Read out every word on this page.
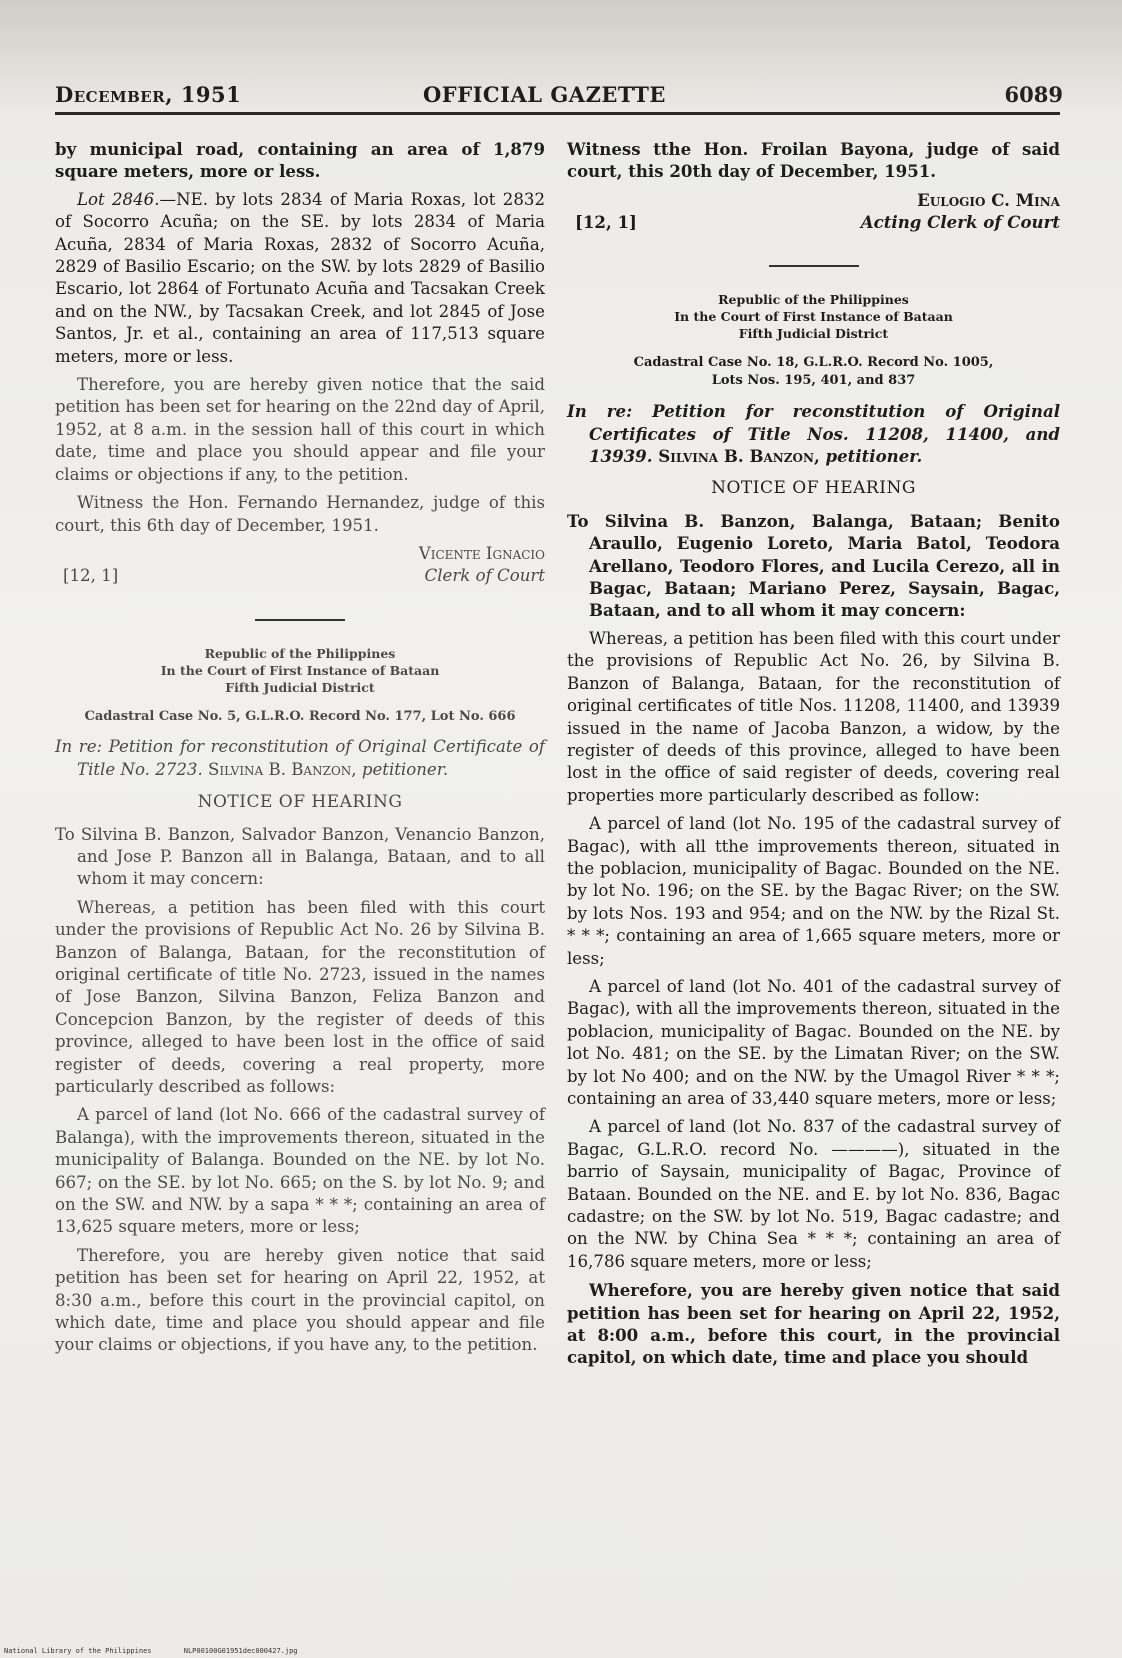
December, 1951	OFFICIAL GAZETTE	6089

by municipal road, containing an area of 1,879 square meters, more or less.

Lot 2846.—NE. by lots 2834 of Maria Roxas, lot 2832 of Socorro Acuña; on the SE. by lots 2834 of Maria Acuña, 2834 of Maria Roxas, 2832 of Socorro Acuña, 2829 of Basilio Escario; on the SW. by lots 2829 of Basilio Escario, lot 2864 of Fortunato Acuña and Tacsakan Creek and on the NW., by Tacsakan Creek, and lot 2845 of Jose Santos, Jr. et al., containing an area of 117,513 square meters, more or less.

Therefore, you are hereby given notice that the said petition has been set for hearing on the 22nd day of April, 1952, at 8 a.m. in the session hall of this court in which date, time and place you should appear and file your claims or objections if any, to the petition.

Witness the Hon. Fernando Hernandez, judge of this court, this 6th day of December, 1951.

Vicente Ignacio

[12, 1]	Clerk of Court

Republic of the Philippines

In the Court of First Instance of Bataan

Fifth Judicial District

Cadastral Case No. 5, G.L.R.O. Record No. 177, Lot No. 666

In re: Petition for reconstitution of Original Certificate of Title No. 2723. Silvina B. Banzon, petitioner.

NOTICE OF HEARING

To Silvina B. Banzon, Salvador Banzon, Venancio Banzon, and Jose P. Banzon all in Balanga, Bataan, and to all whom it may concern:

Whereas, a petition has been filed with this court under the provisions of Republic Act No. 26 by Silvina B. Banzon of Balanga, Bataan, for the reconstitution of original certificate of title No. 2723, issued in the names of Jose Banzon, Silvina Banzon, Feliza Banzon and Concepcion Banzon, by the register of deeds of this province, alleged to have been lost in the office of said register of deeds, covering a real property, more particularly described as follows:

A parcel of land (lot No. 666 of the cadastral survey of Balanga), with the improvements thereon, situated in the municipality of Balanga. Bounded on the NE. by lot No. 667; on the SE. by lot No. 665; on the S. by lot No. 9; and on the SW. and NW. by a sapa * * *; containing an area of 13,625 square meters, more or less;

Therefore, you are hereby given notice that said petition has been set for hearing on April 22, 1952, at 8:30 a.m., before this court in the provincial capitol, on which date, time and place you should appear and file your claims or objections, if you have any, to the petition.

Witness tthe Hon. Froilan Bayona, judge of said court, this 20th day of December, 1951.

Eulogio C. Mina

[12, 1]	Acting Clerk of Court

Republic of the Philippines

In the Court of First Instance of Bataan

Fifth Judicial District

Cadastral Case No. 18, G.L.R.O. Record No. 1005,
Lots Nos. 195, 401, and 837

In re: Petition for reconstitution of Original Certificates of Title Nos. 11208, 11400, and 13939. Silvina B. Banzon, petitioner.

NOTICE OF HEARING

To Silvina B. Banzon, Balanga, Bataan; Benito Araullo, Eugenio Loreto, Maria Batol, Teodora Arellano, Teodoro Flores, and Lucila Cerezo, all in Bagac, Bataan; Mariano Perez, Saysain, Bagac, Bataan, and to all whom it may concern:

Whereas, a petition has been filed with this court under the provisions of Republic Act No. 26, by Silvina B. Banzon of Balanga, Bataan, for the reconstitution of original certificates of title Nos. 11208, 11400, and 13939 issued in the name of Jacoba Banzon, a widow, by the register of deeds of this province, alleged to have been lost in the office of said register of deeds, covering real properties more particularly described as follow:

A parcel of land (lot No. 195 of the cadastral survey of Bagac), with all tthe improvements thereon, situated in the poblacion, municipality of Bagac. Bounded on the NE. by lot No. 196; on the SE. by the Bagac River; on the SW. by lots Nos. 193 and 954; and on the NW. by the Rizal St. * * *; containing an area of 1,665 square meters, more or less;

A parcel of land (lot No. 401 of the cadastral survey of Bagac), with all the improvements thereon, situated in the poblacion, municipality of Bagac. Bounded on the NE. by lot No. 481; on the SE. by the Limatan River; on the SW. by lot No 400; and on the NW. by the Umagol River * * *; containing an area of 33,440 square meters, more or less;

A parcel of land (lot No. 837 of the cadastral survey of Bagac, G.L.R.O. record No. ————), situated in the barrio of Saysain, municipality of Bagac, Province of Bataan. Bounded on the NE. and E. by lot No. 836, Bagac cadastre; on the SW. by lot No. 519, Bagac cadastre; and on the NW. by China Sea * * *; containing an area of 16,786 square meters, more or less;

Wherefore, you are hereby given notice that said petition has been set for hearing on April 22, 1952, at 8:00 a.m., before this court, in the provincial capitol, on which date, time and place you should

National Library of the Philippines	NLP00100G01951dec000427.jpg
